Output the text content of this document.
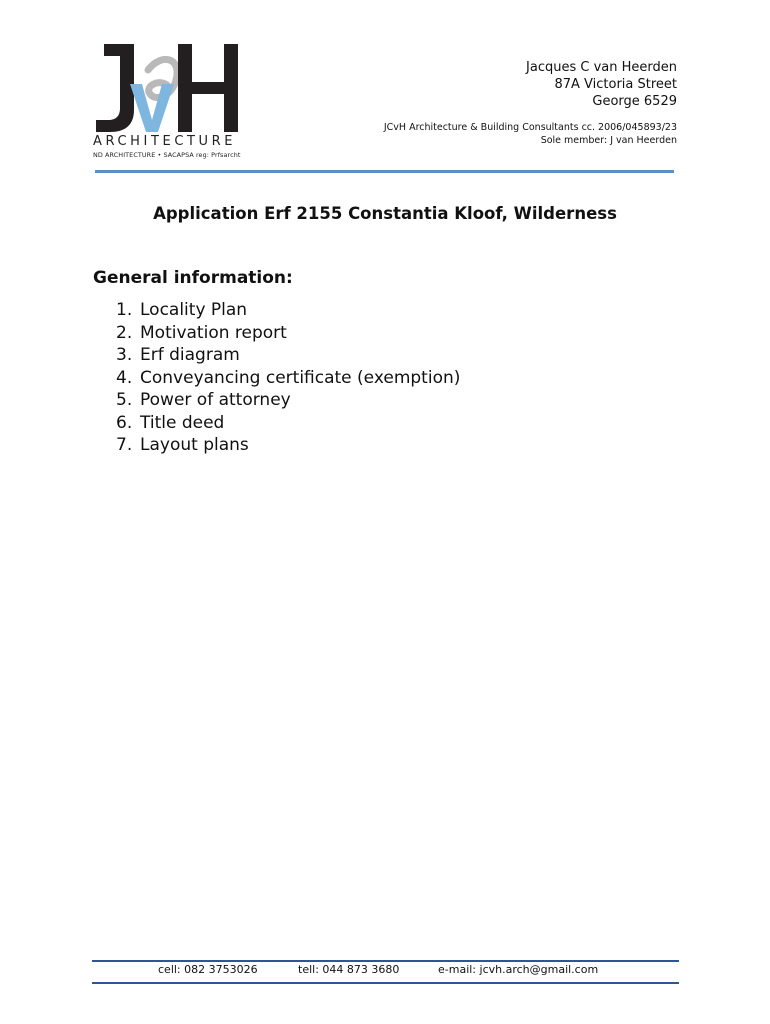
ARCHITECTURE
ND ARCHITECTURE • SACAPSA reg: Prfsarcht
Jacques C van Heerden
87A Victoria Street
George 6529
JCvH Architecture & Building Consultants cc. 2006/045893/23
Sole member: J van Heerden
Application Erf 2155 Constantia Kloof, Wilderness
General information:
1. Locality Plan
2. Motivation report
3. Erf diagram
4. Conveyancing certificate (exemption)
5. Power of attorney
6. Title deed
7. Layout plans
cell: 082 3753026	tell: 044 873 3680	e-mail: jcvh.arch@gmail.com
